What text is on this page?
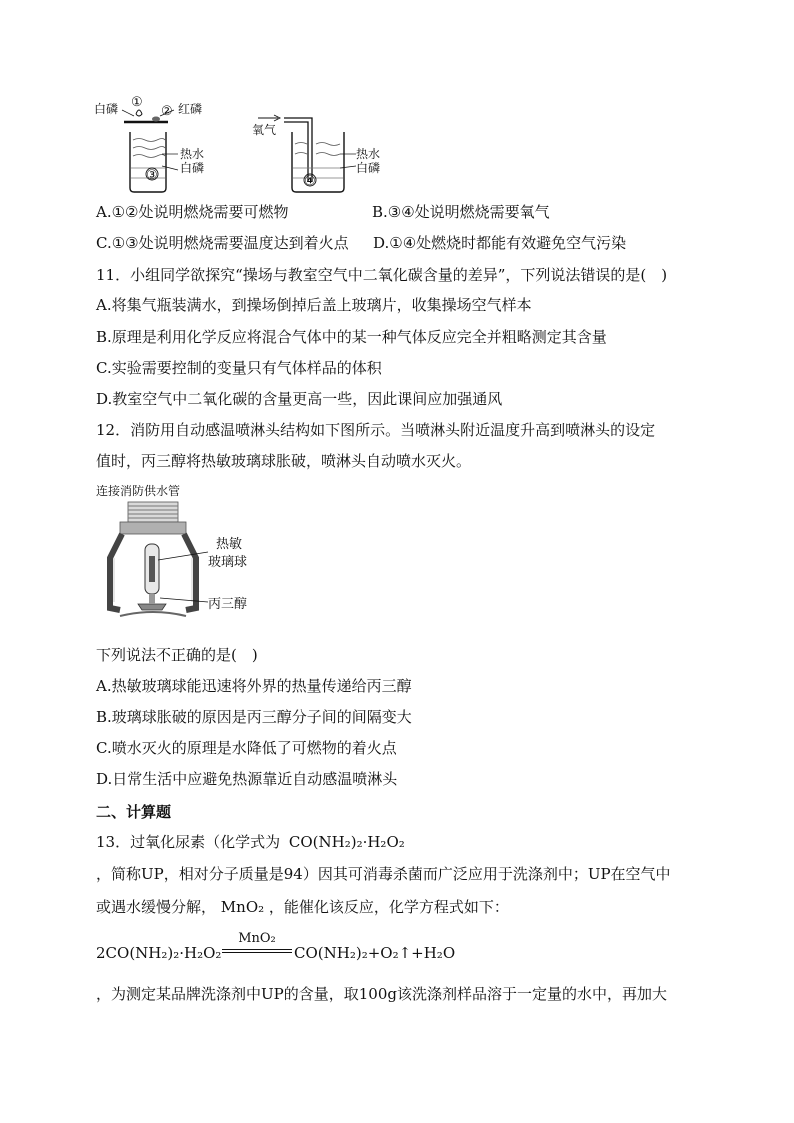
白磷 ①
② 红磷
热水
③ 白磷
氧气
热水
白磷
④
A.①②处说明燃烧需要可燃物	B.③④处说明燃烧需要氧气
C.①③处说明燃烧需要温度达到着火点 D.①④处燃烧时都能有效避免空气污染
11．小组同学欲探究“操场与教室空气中二氧化碳含量的差异”，下列说法错误的是(　)
A.将集气瓶装满水，到操场倒掉后盖上玻璃片，收集操场空气样本
B.原理是利用化学反应将混合气体中的某一种气体反应完全并粗略测定其含量
C.实验需要控制的变量只有气体样品的体积
D.教室空气中二氧化碳的含量更高一些，因此课间应加强通风
12．消防用自动感温喷淋头结构如下图所示。当喷淋头附近温度升高到喷淋头的设定
值时，丙三醇将热敏玻璃球胀破，喷淋头自动喷水灭火。
连接消防供水管
热敏
玻璃球
丙三醇
下列说法不正确的是(　)
A.热敏玻璃球能迅速将外界的热量传递给丙三醇
B.玻璃球胀破的原因是丙三醇分子间的间隔变大
C.喷水灭火的原理是水降低了可燃物的着火点
D.日常生活中应避免热源靠近自动感温喷淋头
二、计算题
13．过氧化尿素（化学式为 CO(NH₂)₂·H₂O₂
，简称UP，相对分子质量是94）因其可消毒杀菌而广泛应用于洗涤剂中；UP在空气中
或遇水缓慢分解， MnO₂ ，能催化该反应，化学方程式如下：
2CO(NH₂)₂·H₂O₂
MnO₂
CO(NH₂)₂+O₂↑+H₂O
，为测定某品牌洗涤剂中UP的含量，取100g该洗涤剂样品溶于一定量的水中，再加大
